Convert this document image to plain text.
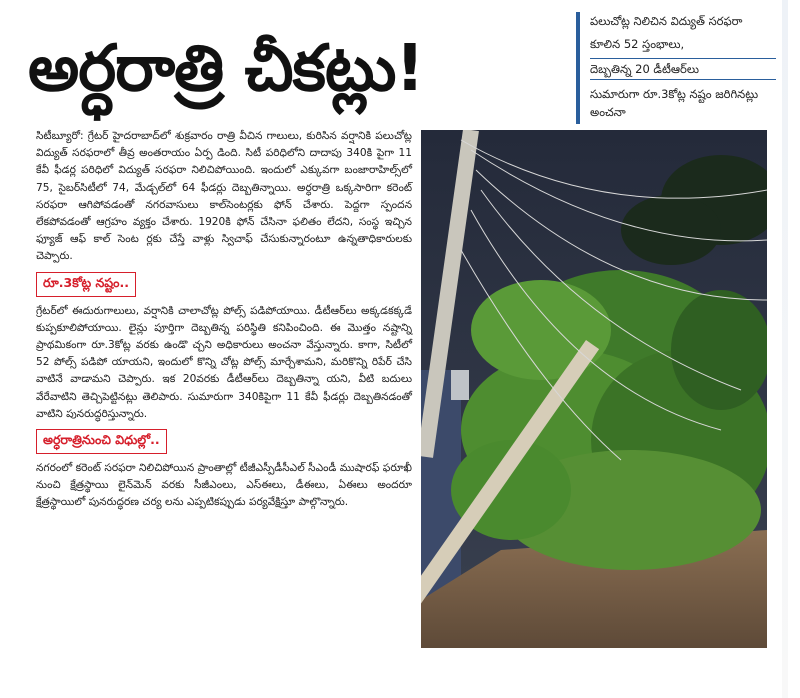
అర్ధరాత్రి చీకట్లు!
పలుచోట్ల నిలిచిన విద్యుత్ సరఫరా
కూలిన 52 స్తంభాలు,
దెబ్బతిన్న 20 డీటీఆర్‌లు
సుమారుగా రూ.3కోట్ల నష్టం జరిగినట్లు అంచనా

సిటీబ్యూరో: గ్రేటర్ హైదరాబాద్‌లో శుక్రవారం రాత్రి వీచిన గాలులు, కురిసిన వర్షానికి పలుచోట్ల విద్యుత్ సరఫరాలో తీవ్ర అంతరాయం ఏర్ప డింది. సిటీ పరిధిలోని దాదాపు 340కి పైగా 11 కేవీ ఫీడర్ల పరిధిలో విద్యుత్ సరఫరా నిలిచిపోయింది. ఇందులో ఎక్కువగా బంజారాహిల్స్‌లో 75, సైబర్‌సిటీలో 74, మేడ్చల్‌లో 64 ఫీడర్లు దెబ్బతిన్నాయి. అర్ధరాత్రి ఒక్కసారిగా కరెంట్ సరఫరా ఆగిపోవడంతో నగరవాసులు కాల్‌సెంటర్లకు ఫోన్ చేశారు. పెద్దగా స్పందన లేకపోవడంతో ఆగ్రహం వ్యక్తం చేశారు. 1920కి ఫోన్ చేసినా ఫలితం లేదని, సంస్థ ఇచ్చిన ఫ్యూజ్ ఆఫ్ కాల్ సెంట ర్లకు చేస్తే వాళ్లు స్విచాఫ్ చేసుకున్నారంటూ ఉన్నతాధికారులకు చెప్పారు.

రూ.3కోట్ల నష్టం..

గ్రేటర్‌లో ఈదురుగాలులు, వర్షానికి చాలాచోట్ల పోల్స్ పడిపోయాయి. డీటీఆర్‌లు అక్కడకక్కడే కుప్పకూలిపోయాయి. లైన్లు పూర్తిగా దెబ్బతిన్న పరిస్థితి కనిపించింది. ఈ మొత్తం నష్టాన్ని ప్రాథమికంగా రూ.3కోట్ల వరకు ఉండొ చ్చని అధికారులు అంచనా వేస్తున్నారు. కాగా, సిటీలో 52 పోల్స్ పడిపో యాయని, ఇందులో కొన్ని చోట్ల పోల్స్ మార్చేశామని, మరికొన్ని రిపేర్ చేసి వాటినే వాడామని చెప్పారు. ఇక 20వరకు డీటీఆర్‌లు దెబ్బతిన్నా యని, వీటి బదులు వేరేవాటిని తెచ్చిపెట్టినట్లు తెలిపారు. సుమారుగా 340కిపైగా 11 కేవీ ఫీడర్లు దెబ్బతినడంతో వాటిని పునరుద్ధరిస్తున్నారు.

అర్ధరాత్రినుంచి విధుల్లో..

నగరంలో కరెంట్ సరఫరా నిలిచిపోయిన ప్రాంతాల్లో టీజీఎస్పీడీసీఎల్ సీఎండీ ముషారఫ్ ఫరూఖీ నుంచి క్షేత్రస్థాయి లైన్‌మెన్ వరకు సీజీఎంలు, ఎస్ఈలు, డీఈలు, ఏఈలు అందరూ క్షేత్రస్థాయిలో పునరుద్ధరణ చర్య లను ఎప్పటికప్పుడు పర్యవేక్షిస్తూ పాల్గొన్నారు.
